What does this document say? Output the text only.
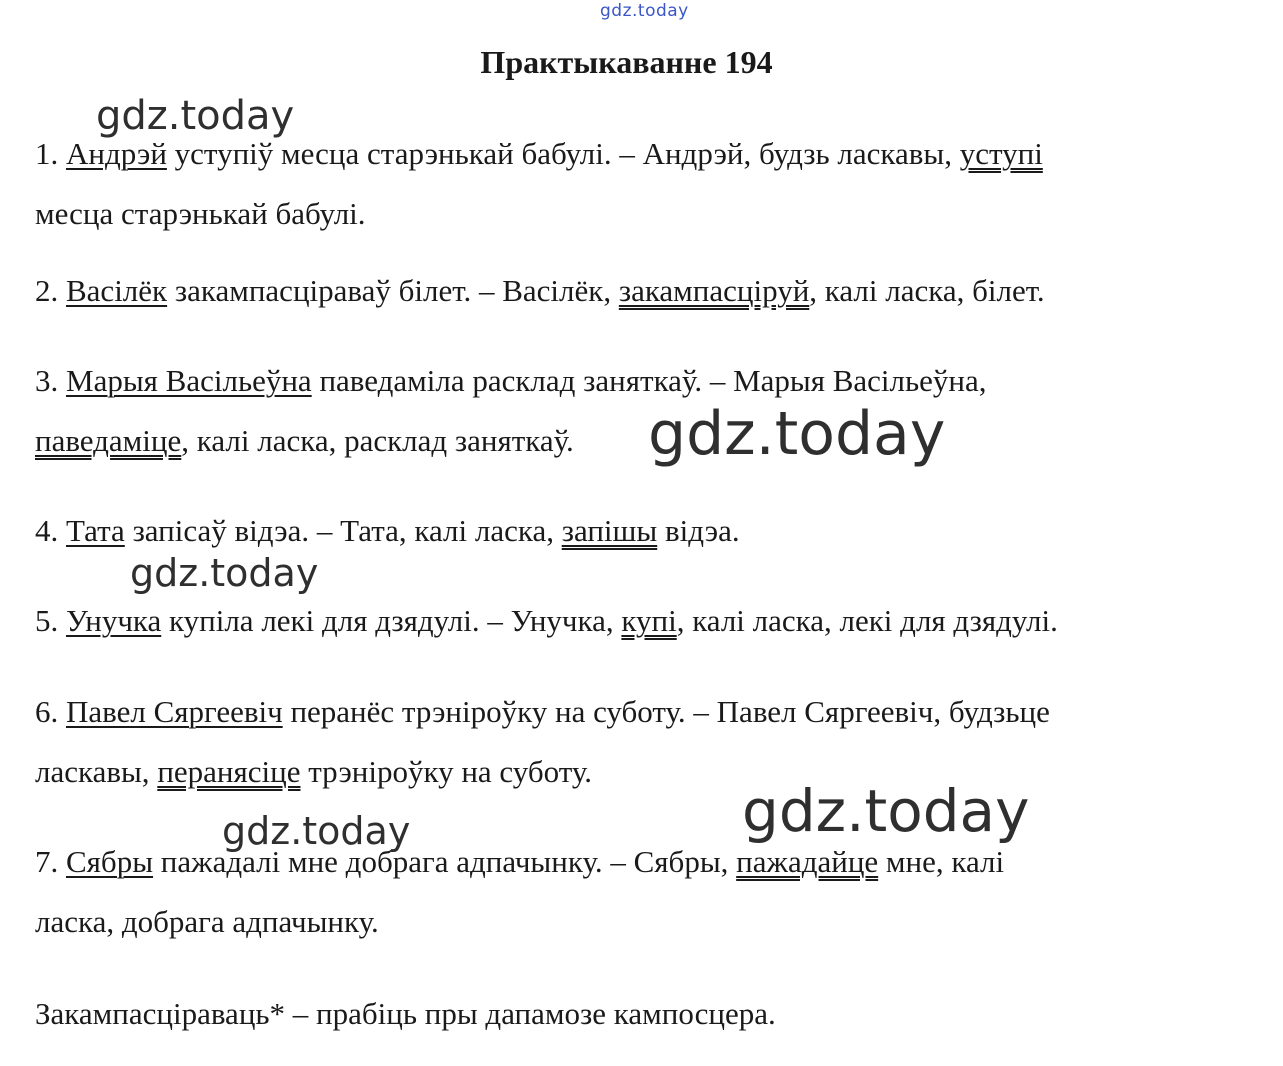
gdz.today
gdz.today
gdz.today
gdz.today
gdz.today
gdz.today
Практыкаванне 194
1. Андрэй уступіў месца старэнькай бабулі. – Андрэй, будзь ласкавы, уступі
месца старэнькай бабулі.
2. Васілёк закампасціраваў білет. – Васілёк, закампасціруй, калі ласка, білет.
3. Марыя Васільеўна паведаміла расклад заняткаў. – Марыя Васільеўна,
паведаміце, калі ласка, расклад заняткаў.
4. Тата запісаў відэа. – Тата, калі ласка, запішы відэа.
5. Унучка купіла лекі для дзядулі. – Унучка, купі, калі ласка, лекі для дзядулі.
6. Павел Сяргеевіч перанёс трэніроўку на суботу. – Павел Сяргеевіч, будзьце
ласкавы, перанясіце трэніроўку на суботу.
7. Сябры пажадалі мне добрага адпачынку. – Сябры, пажадайце мне, калі
ласка, добрага адпачынку.
Закампасціраваць* – прабіць пры дапамозе кампосцера.
